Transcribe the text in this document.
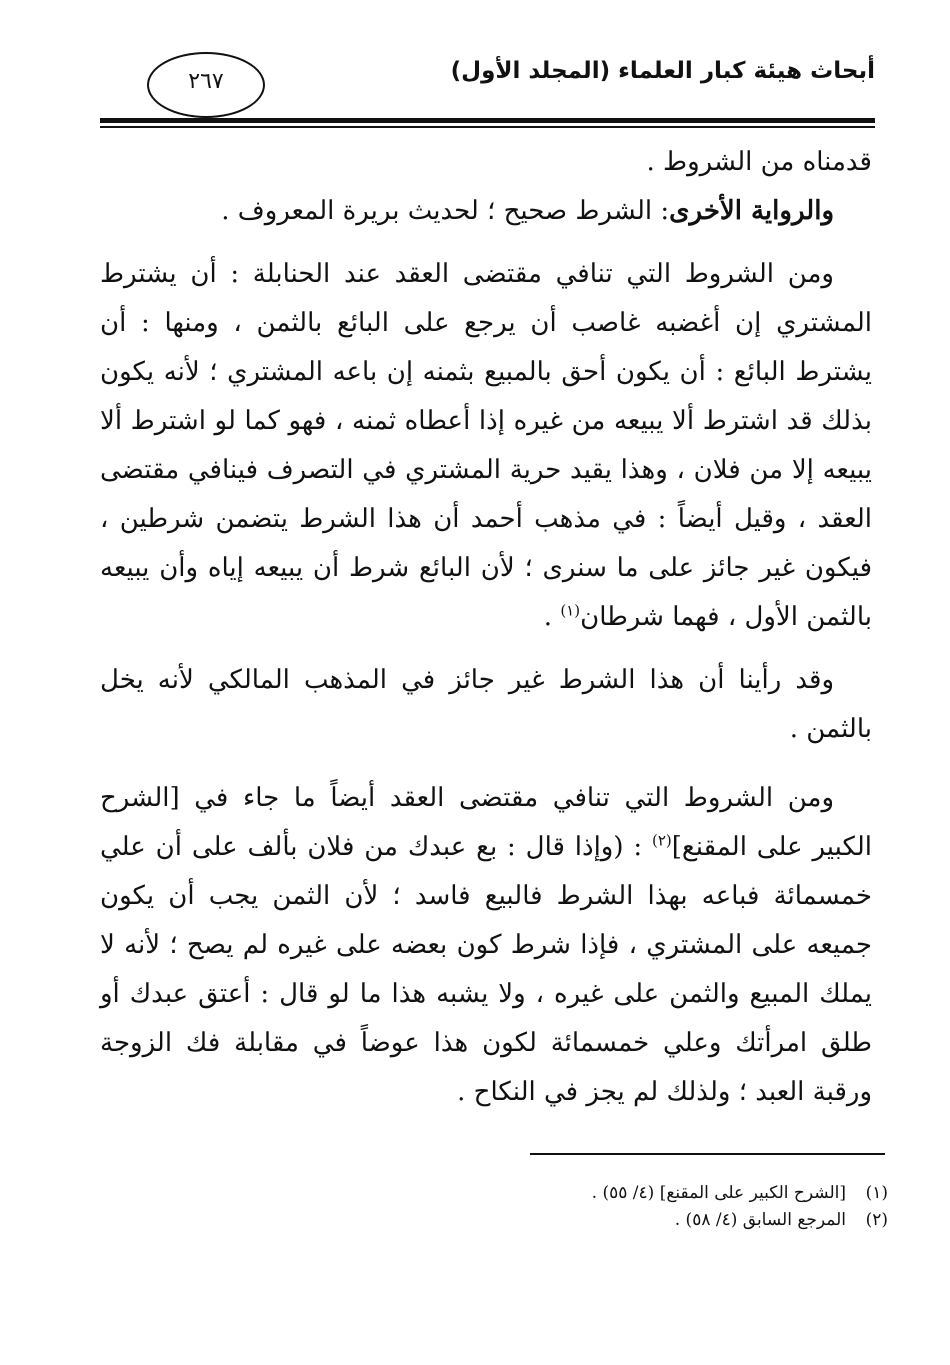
أبحاث هيئة كبار العلماء (المجلد الأول)
٢٦٧

قدمناه من الشروط .

والرواية الأخرى: الشرط صحيح ؛ لحديث بريرة المعروف .

ومن الشروط التي تنافي مقتضى العقد عند الحنابلة : أن يشترط المشتري إن أغضبه غاصب أن يرجع على البائع بالثمن ، ومنها : أن يشترط البائع : أن يكون أحق بالمبيع بثمنه إن باعه المشتري ؛ لأنه يكون بذلك قد اشترط ألا يبيعه من غيره إذا أعطاه ثمنه ، فهو كما لو اشترط ألا يبيعه إلا من فلان ، وهذا يقيد حرية المشتري في التصرف فينافي مقتضى العقد ، وقيل أيضاً : في مذهب أحمد أن هذا الشرط يتضمن شرطين ، فيكون غير جائز على ما سنرى ؛ لأن البائع شرط أن يبيعه إياه وأن يبيعه بالثمن الأول ، فهما شرطان$^{(١)}$ .

وقد رأينا أن هذا الشرط غير جائز في المذهب المالكي لأنه يخل بالثمن .

ومن الشروط التي تنافي مقتضى العقد أيضاً ما جاء في [الشرح الكبير على المقنع]$^{(٢)}$ : (وإذا قال : بع عبدك من فلان بألف على أن علي خمسمائة فباعه بهذا الشرط فالبيع فاسد ؛ لأن الثمن يجب أن يكون جميعه على المشتري ، فإذا شرط كون بعضه على غيره لم يصح ؛ لأنه لا يملك المبيع والثمن على غيره ، ولا يشبه هذا ما لو قال : أعتق عبدك أو طلق امرأتك وعلي خمسمائة لكون هذا عوضاً في مقابلة فك الزوجة ورقبة العبد ؛ ولذلك لم يجز في النكاح .

(١)[الشرح الكبير على المقنع] (٤/ ٥٥) .
(٢)المرجع السابق (٤/ ٥٨) .
